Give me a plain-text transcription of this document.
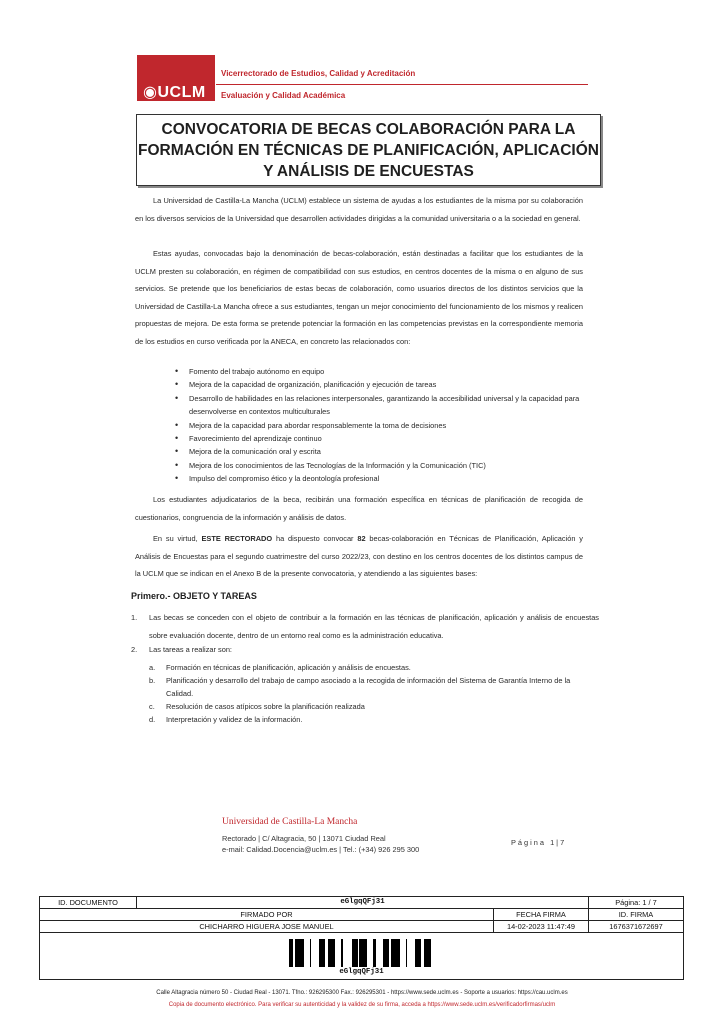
◉UCLM
Vicerrectorado de Estudios, Calidad y Acreditación
Evaluación y Calidad Académica
CONVOCATORIA DE BECAS COLABORACIÓN PARA LA
FORMACIÓN EN TÉCNICAS DE PLANIFICACIÓN, APLICACIÓN
Y ANÁLISIS DE ENCUESTAS
La Universidad de Castilla-La Mancha (UCLM) establece un sistema de ayudas a los estudiantes de la misma por su colaboración en los diversos servicios de la Universidad que desarrollen actividades dirigidas a la comunidad universitaria o a la sociedad en general.
Estas ayudas, convocadas bajo la denominación de becas-colaboración, están destinadas a facilitar que los estudiantes de la UCLM presten su colaboración, en régimen de compatibilidad con sus estudios, en centros docentes de la misma o en alguno de sus servicios. Se pretende que los beneficiarios de estas becas de colaboración, como usuarios directos de los distintos servicios que la Universidad de Castilla-La Mancha ofrece a sus estudiantes, tengan un mejor conocimiento del funcionamiento de los mismos y realicen propuestas de mejora. De esta forma se pretende potenciar la formación en las competencias previstas en la correspondiente memoria de los estudios en curso verificada por la ANECA, en concreto las relacionados con:
• Fomento del trabajo autónomo en equipo
• Mejora de la capacidad de organización, planificación y ejecución de tareas
• Desarrollo de habilidades en las relaciones interpersonales, garantizando la accesibilidad universal y la capacidad para desenvolverse en contextos multiculturales
• Mejora de la capacidad para abordar responsablemente la toma de decisiones
• Favorecimiento del aprendizaje continuo
• Mejora de la comunicación oral y escrita
• Mejora de los conocimientos de las Tecnologías de la Información y la Comunicación (TIC)
• Impulso del compromiso ético y la deontología profesional
Los estudiantes adjudicatarios de la beca, recibirán una formación específica en técnicas de planificación de recogida de cuestionarios, congruencia de la información y análisis de datos.
En su virtud, ESTE RECTORADO ha dispuesto convocar 82 becas-colaboración en Técnicas de Planificación, Aplicación y Análisis de Encuestas para el segundo cuatrimestre del curso 2022/23, con destino en los centros docentes de los distintos campus de la UCLM que se indican en el Anexo B de la presente convocatoria, y atendiendo a las siguientes bases:
Primero.- OBJETO Y TAREAS
1. Las becas se conceden con el objeto de contribuir a la formación en las técnicas de planificación, aplicación y análisis de encuestas sobre evaluación docente, dentro de un entorno real como es la administración educativa.
2. Las tareas a realizar son:
a. Formación en técnicas de planificación, aplicación y análisis de encuestas.
b. Planificación y desarrollo del trabajo de campo asociado a la recogida de información del Sistema de Garantía Interno de la Calidad.
c. Resolución de casos atípicos sobre la planificación realizada
d. Interpretación y validez de la información.
Universidad de Castilla-La Mancha
Rectorado | C/ Altagracia, 50 | 13071 Ciudad Real
e-mail: Calidad.Docencia@uclm.es | Tel.: (+34) 926 295 300
Página 1|7
ID. DOCUMENTO	eGlgqQFj31		Página: 1 / 7
FIRMADO POR		FECHA FIRMA	ID. FIRMA
CHICHARRO HIGUERA JOSE MANUEL		14-02-2023 11:47:49	1676371672697

eGlgqQFj31			
Calle Altagracia número 50 - Ciudad Real - 13071. Tfno.: 926295300 Fax.: 926295301 - https://www.sede.uclm.es - Soporte a usuarios: https://cau.uclm.es
Copia de documento electrónico. Para verificar su autenticidad y la validez de su firma, acceda a https://www.sede.uclm.es/verificadorfirmas/uclm
